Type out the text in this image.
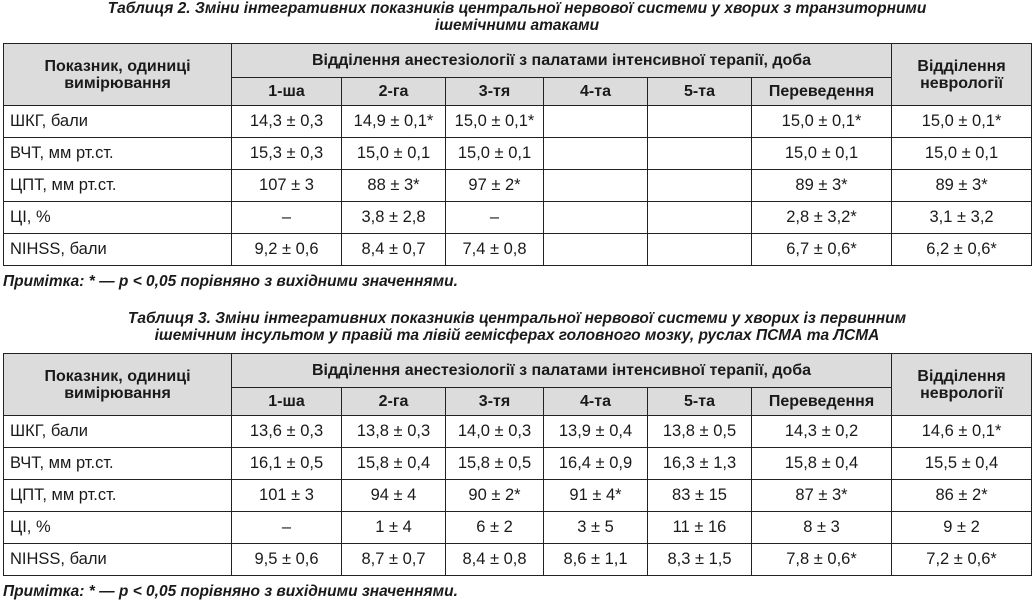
Таблиця 2. Зміни інтегративних показників центральної нервової системи у хворих з транзиторними
ішемічними атаками
Показник, одиниці вимірювання	Відділення анестезіології з палатами інтенсивної терапії, доба						Відділення неврології
	1-ша	2-га	3-тя	4-та	5-та	Переведення	
ШКГ, бали	14,3 ± 0,3	14,9 ± 0,1*	15,0 ± 0,1*			15,0 ± 0,1*	15,0 ± 0,1*
ВЧТ, мм рт.ст.	15,3 ± 0,3	15,0 ± 0,1	15,0 ± 0,1			15,0 ± 0,1	15,0 ± 0,1
ЦПТ, мм рт.ст.	107 ± 3	88 ± 3*	97 ± 2*			89 ± 3*	89 ± 3*
ЦІ, %	–	3,8 ± 2,8	–			2,8 ± 3,2*	3,1 ± 3,2
NIHSS, бали	9,2 ± 0,6	8,4 ± 0,7	7,4 ± 0,8			6,7 ± 0,6*	6,2 ± 0,6*
Примітка: * — р < 0,05 порівняно з вихідними значеннями.
Таблиця 3. Зміни інтегративних показників центральної нервової системи у хворих із первинним
ішемічним інсультом у правій та лівій гемісферах головного мозку, руслах ПСМА та ЛСМА
Показник, одиниці вимірювання	Відділення анестезіології з палатами інтенсивної терапії, доба						Відділення неврології
	1-ша	2-га	3-тя	4-та	5-та	Переведення	
ШКГ, бали	13,6 ± 0,3	13,8 ± 0,3	14,0 ± 0,3	13,9 ± 0,4	13,8 ± 0,5	14,3 ± 0,2	14,6 ± 0,1*
ВЧТ, мм рт.ст.	16,1 ± 0,5	15,8 ± 0,4	15,8 ± 0,5	16,4 ± 0,9	16,3 ± 1,3	15,8 ± 0,4	15,5 ± 0,4
ЦПТ, мм рт.ст.	101 ± 3	94 ± 4	90 ± 2*	91 ± 4*	83 ± 15	87 ± 3*	86 ± 2*
ЦІ, %	–	1 ± 4	6 ± 2	3 ± 5	11 ± 16	8 ± 3	9 ± 2
NIHSS, бали	9,5 ± 0,6	8,7 ± 0,7	8,4 ± 0,8	8,6 ± 1,1	8,3 ± 1,5	7,8 ± 0,6*	7,2 ± 0,6*
Примітка: * — р < 0,05 порівняно з вихідними значеннями.
